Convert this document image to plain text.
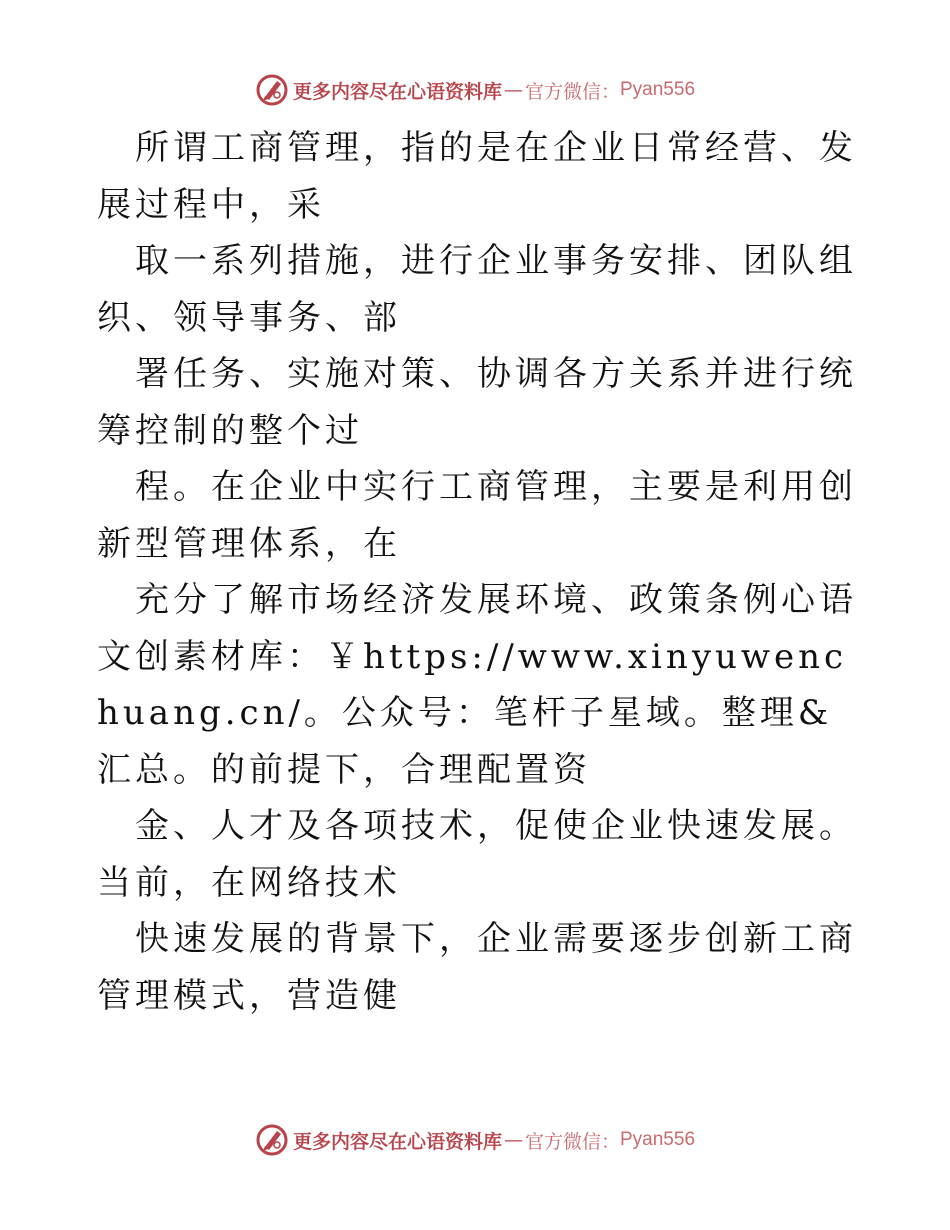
更多内容尽在心语资料库 — 官方微信： Pyan556

所谓工商管理，指的是在企业日常经营、发展过程中，采

取一系列措施，进行企业事务安排、团队组织、领导事务、部

署任务、实施对策、协调各方关系并进行统筹控制的整个过

程。在企业中实行工商管理，主要是利用创新型管理体系，在

充分了解市场经济发展环境、政策条例心语文创素材库：￥https://www.xinyuwenchuang.cn/。公众号：笔杆子星域。整理&汇总。的前提下，合理配置资

金、人才及各项技术，促使企业快速发展。当前，在网络技术

快速发展的背景下，企业需要逐步创新工商管理模式，营造健

更多内容尽在心语资料库 — 官方微信： Pyan556
